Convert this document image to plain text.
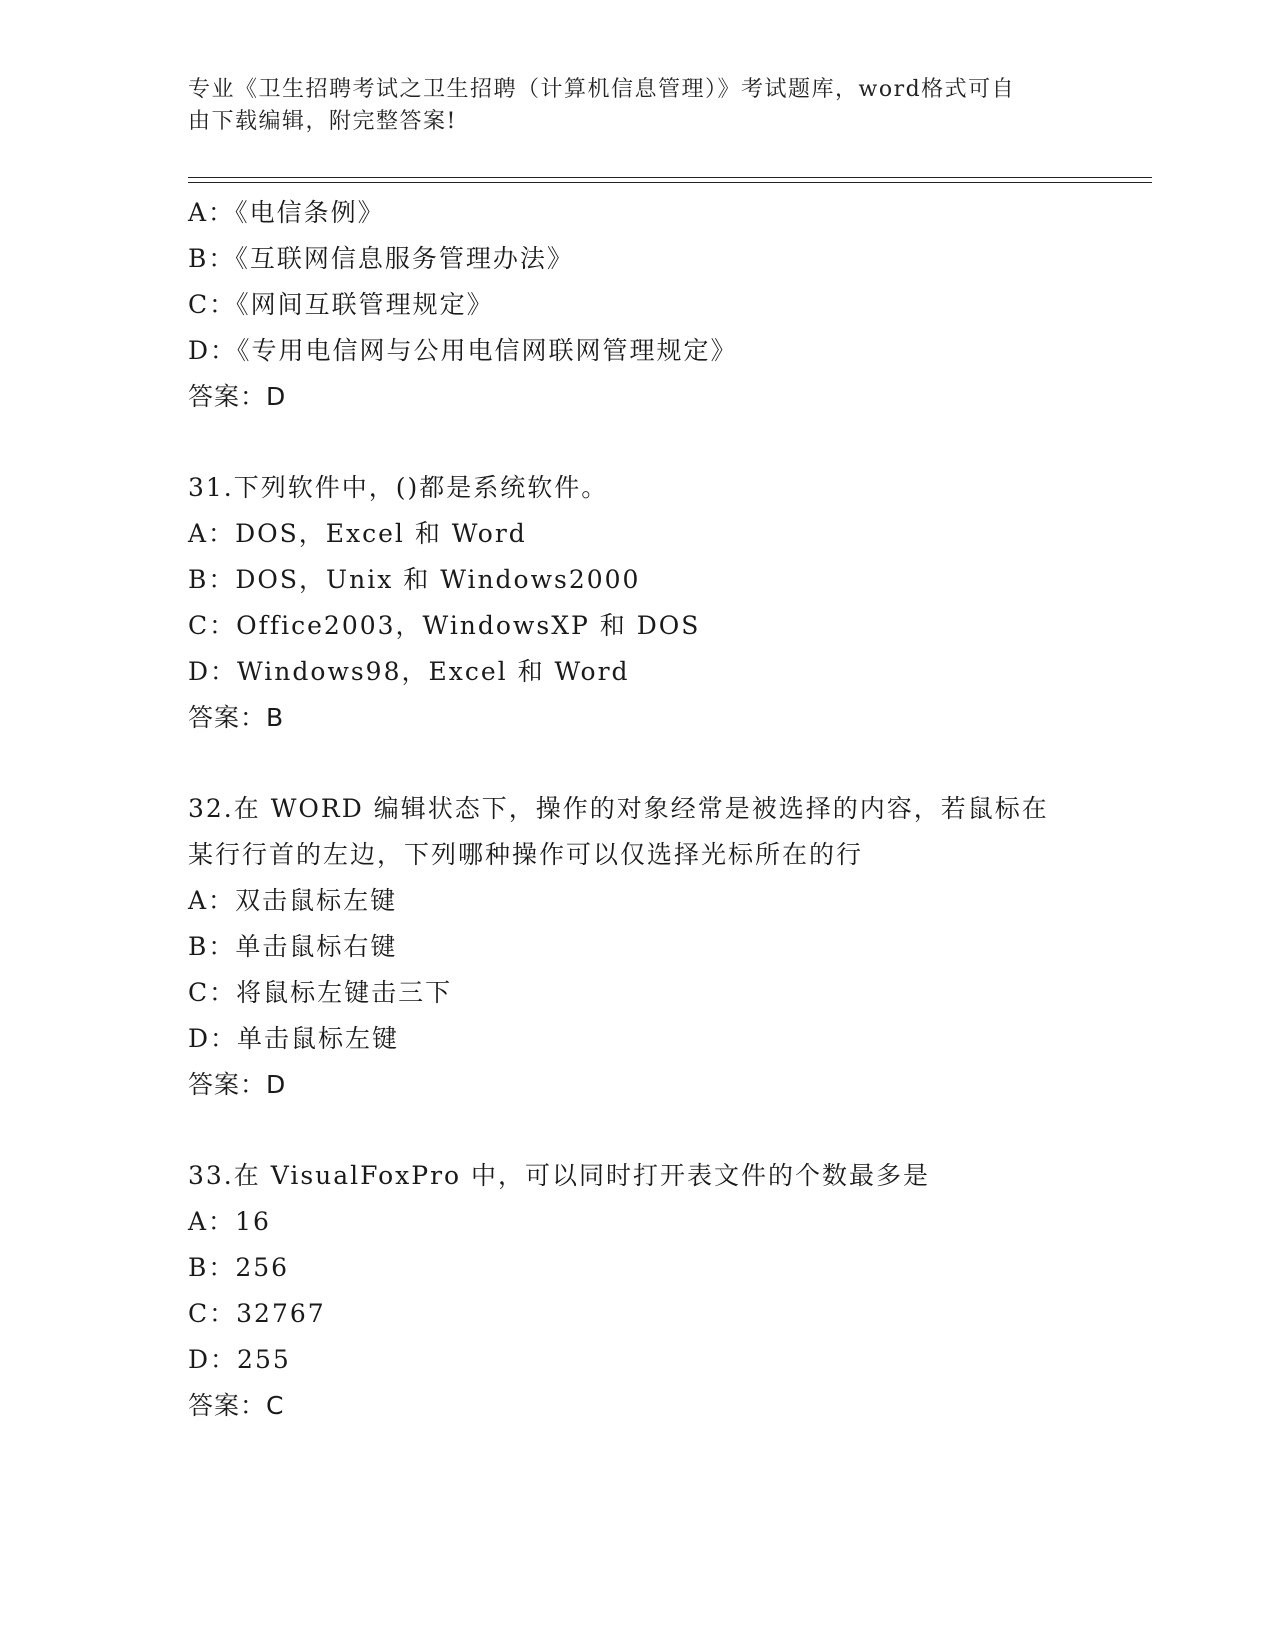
专业《卫生招聘考试之卫生招聘（计算机信息管理）》考试题库，word格式可自
由下载编辑，附完整答案!
A：《电信条例》
B：《互联网信息服务管理办法》
C：《网间互联管理规定》
D：《专用电信网与公用电信网联网管理规定》
答案：D
31.下列软件中，()都是系统软件。
A：DOS，Excel 和 Word
B：DOS，Unix 和 Windows2000
C：Office2003，WindowsXP 和 DOS
D：Windows98，Excel 和 Word
答案：B
32.在 WORD 编辑状态下，操作的对象经常是被选择的内容，若鼠标在
某行行首的左边，下列哪种操作可以仅选择光标所在的行
A：双击鼠标左键
B：单击鼠标右键
C：将鼠标左键击三下
D：单击鼠标左键
答案：D
33.在 VisualFoxPro 中，可以同时打开表文件的个数最多是
A：16
B：256
C：32767
D：255
答案：C
